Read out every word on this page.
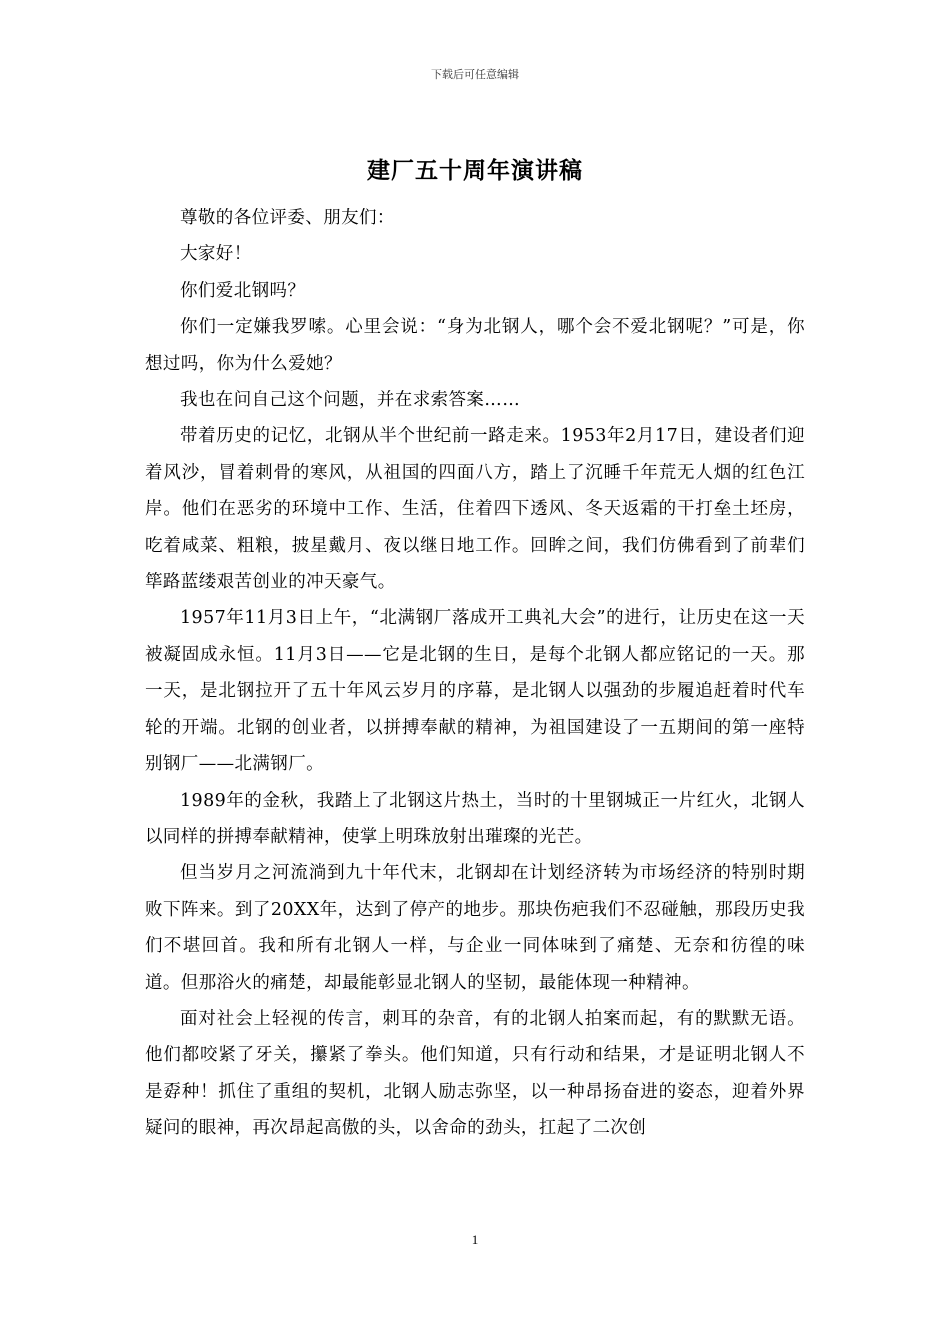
下载后可任意编辑
建厂五十周年演讲稿

尊敬的各位评委、朋友们：

大家好！

你们爱北钢吗？

你们一定嫌我罗嗦。心里会说：“身为北钢人，哪个会不爱北钢呢？”可是，你想过吗，你为什么爱她？

我也在问自己这个问题，并在求索答案……

带着历史的记忆，北钢从半个世纪前一路走来。1953年2月17日，建设者们迎着风沙，冒着刺骨的寒风，从祖国的四面八方，踏上了沉睡千年荒无人烟的红色江岸。他们在恶劣的环境中工作、生活，住着四下透风、冬天返霜的干打垒土坯房，吃着咸菜、粗粮，披星戴月、夜以继日地工作。回眸之间，我们仿佛看到了前辈们筚路蓝缕艰苦创业的冲天豪气。

1957年11月3日上午，“北满钢厂落成开工典礼大会”的进行，让历史在这一天被凝固成永恒。11月3日——它是北钢的生日，是每个北钢人都应铭记的一天。那一天，是北钢拉开了五十年风云岁月的序幕，是北钢人以强劲的步履追赶着时代车轮的开端。北钢的创业者，以拼搏奉献的精神，为祖国建设了一五期间的第一座特别钢厂——北满钢厂。

1989年的金秋，我踏上了北钢这片热土，当时的十里钢城正一片红火，北钢人以同样的拼搏奉献精神，使掌上明珠放射出璀璨的光芒。

但当岁月之河流淌到九十年代末，北钢却在计划经济转为市场经济的特别时期败下阵来。到了20XX年，达到了停产的地步。那块伤疤我们不忍碰触，那段历史我们不堪回首。我和所有北钢人一样，与企业一同体味到了痛楚、无奈和彷徨的味道。但那浴火的痛楚，却最能彰显北钢人的坚韧，最能体现一种精神。

面对社会上轻视的传言，刺耳的杂音，有的北钢人拍案而起，有的默默无语。他们都咬紧了牙关，攥紧了拳头。他们知道，只有行动和结果，才是证明北钢人不是孬种！抓住了重组的契机，北钢人励志弥坚，以一种昂扬奋进的姿态，迎着外界疑问的眼神，再次昂起高傲的头，以舍命的劲头，扛起了二次创

1
